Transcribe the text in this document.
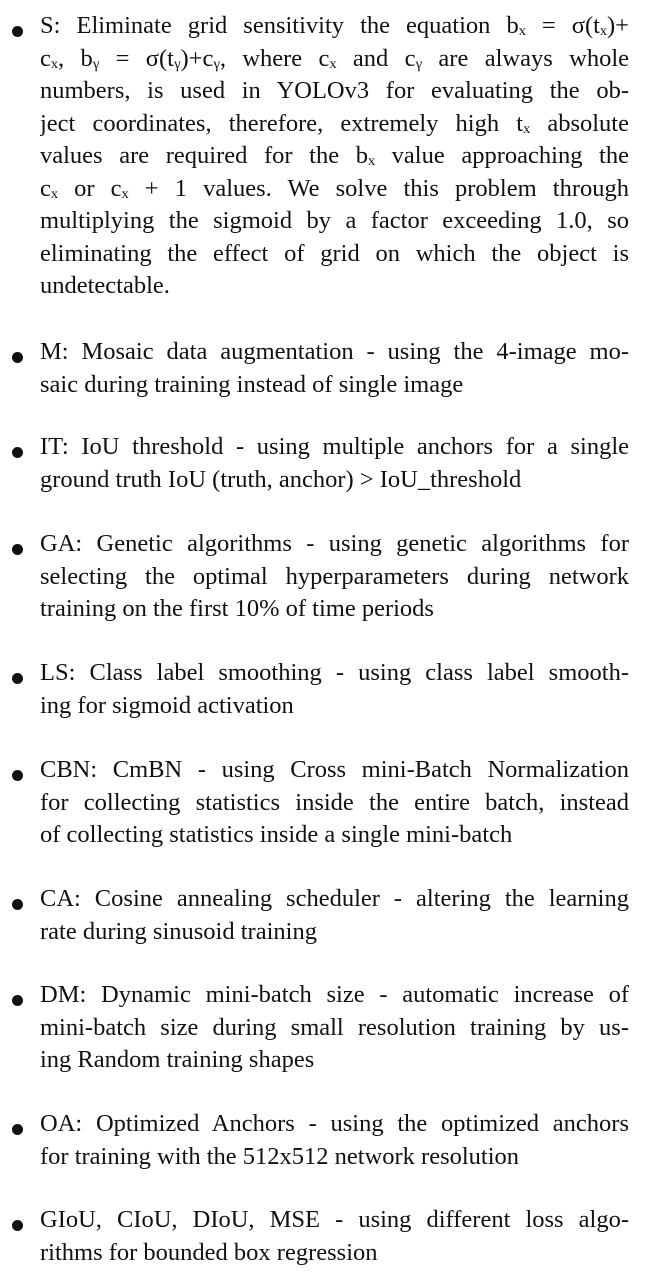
S: Eliminate grid sensitivity the equation bₓ = σ(tₓ)+
cₓ, bᵧ = σ(tᵧ)+cᵧ, where cₓ and cᵧ are always whole
numbers, is used in YOLOv3 for evaluating the ob-
ject coordinates, therefore, extremely high tₓ absolute
values are required for the bₓ value approaching the
cₓ or cₓ + 1 values. We solve this problem through
multiplying the sigmoid by a factor exceeding 1.0, so
eliminating the effect of grid on which the object is
undetectable.
M: Mosaic data augmentation - using the 4-image mo-
saic during training instead of single image
IT: IoU threshold - using multiple anchors for a single
ground truth IoU (truth, anchor) > IoU_threshold
GA: Genetic algorithms - using genetic algorithms for
selecting the optimal hyperparameters during network
training on the first 10% of time periods
LS: Class label smoothing - using class label smooth-
ing for sigmoid activation
CBN: CmBN - using Cross mini-Batch Normalization
for collecting statistics inside the entire batch, instead
of collecting statistics inside a single mini-batch
CA: Cosine annealing scheduler - altering the learning
rate during sinusoid training
DM: Dynamic mini-batch size - automatic increase of
mini-batch size during small resolution training by us-
ing Random training shapes
OA: Optimized Anchors - using the optimized anchors
for training with the 512x512 network resolution
GIoU, CIoU, DIoU, MSE - using different loss algo-
rithms for bounded box regression
